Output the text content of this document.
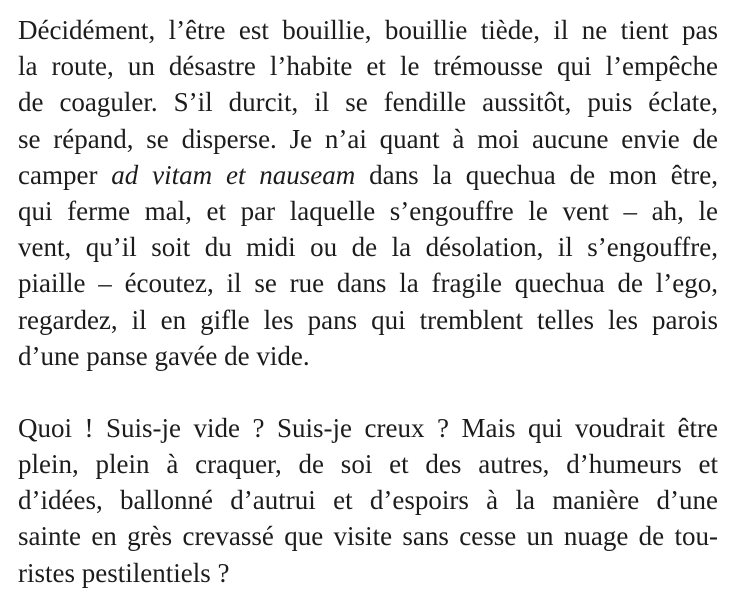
Décidément, l’être est bouillie, bouillie tiède, il ne tient pas
la route, un désastre l’habite et le trémousse qui l’empêche
de coaguler. S’il durcit, il se fendille aussitôt, puis éclate,
se répand, se disperse. Je n’ai quant à moi aucune envie de
camper ad vitam et nauseam dans la quechua de mon être,
qui ferme mal, et par laquelle s’engouffre le vent – ah, le
vent, qu’il soit du midi ou de la désolation, il s’engouffre,
piaille – écoutez, il se rue dans la fragile quechua de l’ego,
regardez, il en gifle les pans qui tremblent telles les parois
d’une panse gavée de vide.

Quoi ! Suis-je vide ? Suis-je creux ? Mais qui voudrait être
plein, plein à craquer, de soi et des autres, d’humeurs et
d’idées, ballonné d’autrui et d’espoirs à la manière d’une
sainte en grès crevassé que visite sans cesse un nuage de tou-
ristes pestilentiels ?
